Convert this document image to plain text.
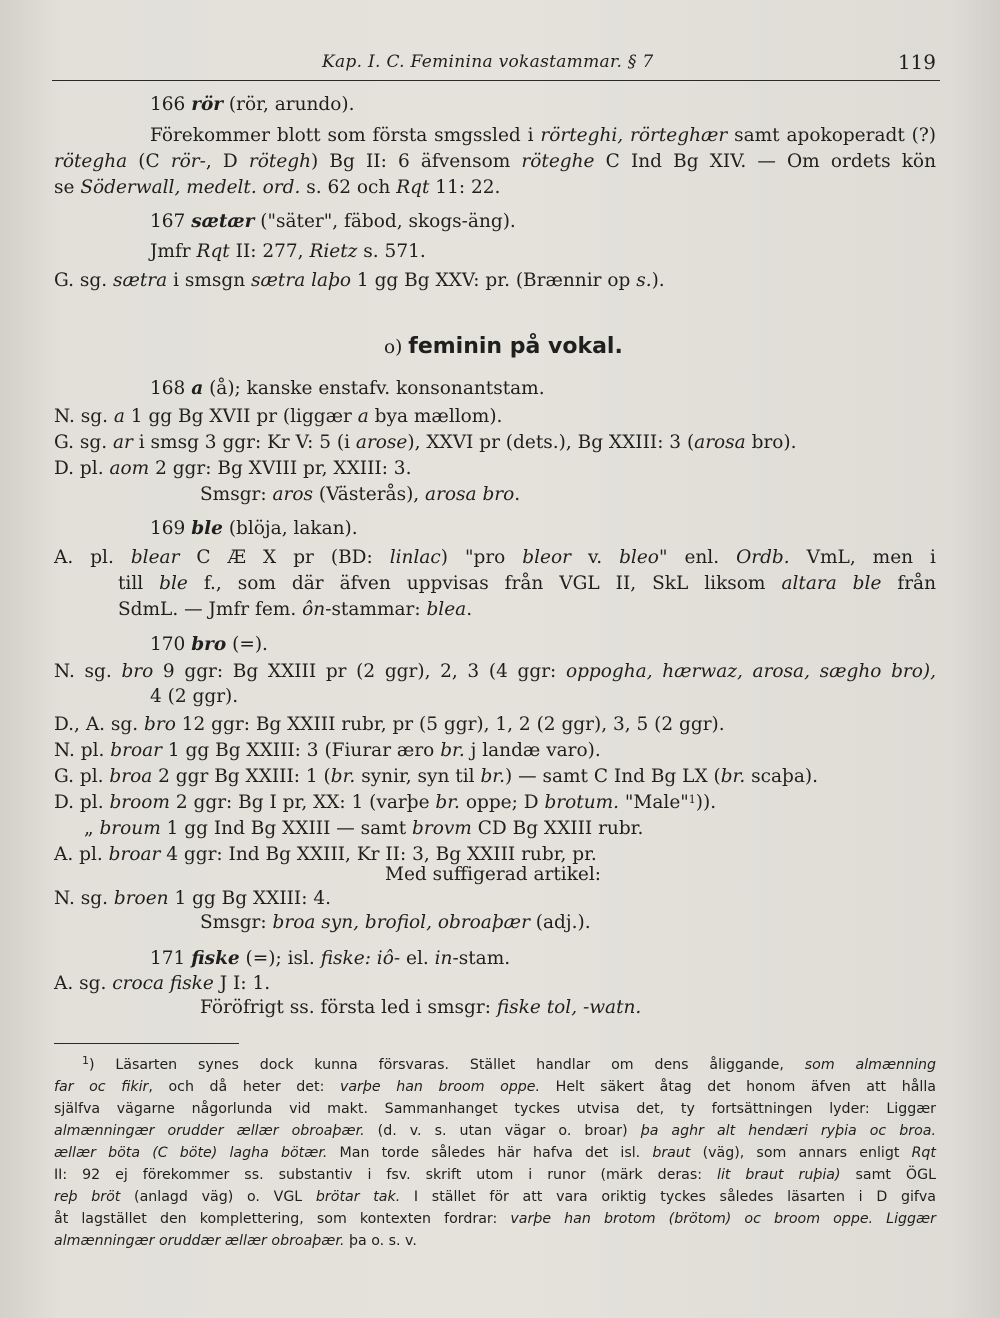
Kap. I. C. Feminina vokastammar. § 7	119
166 rör (rör, arundo).
Förekommer blott som första smgssled i rörteghi, rörteghær samt apokoperadt (?)
rötegha (C rör-, D rötegh) Bg II: 6 äfvensom röteghe C Ind Bg XIV. — Om ordets kön
se Söderwall, medelt. ord. s. 62 och Rqt 11: 22.
167 sætær ("säter", fäbod, skogs-äng).
Jmfr Rqt II: 277, Rietz s. 571.
G. sg. sætra i smsgn sætra laþo 1 gg Bg XXV: pr. (Brænnir op s.).
o) feminin på vokal.
168 a (å); kanske enstafv. konsonantstam.
N. sg. a 1 gg Bg XVII pr (liggær a bya mællom).
G. sg. ar i smsg 3 ggr: Kr V: 5 (i arose), XXVI pr (dets.), Bg XXIII: 3 (arosa bro).
D. pl. aom 2 ggr: Bg XVIII pr, XXIII: 3.
Smsgr: aros (Västerås), arosa bro.
169 ble (blöja, lakan).
A. pl. blear C Æ X pr (BD: linlac) "pro bleor v. bleo" enl. Ordb. VmL, men i
till ble f., som där äfven uppvisas från VGL II, SkL liksom altara ble från
SdmL. — Jmfr fem. ôn-stammar: blea.
170 bro (=).
N. sg. bro 9 ggr: Bg XXIII pr (2 ggr), 2, 3 (4 ggr: oppogha, hærwaz, arosa, sægho bro),
4 (2 ggr).
D., A. sg. bro 12 ggr: Bg XXIII rubr, pr (5 ggr), 1, 2 (2 ggr), 3, 5 (2 ggr).
N. pl. broar 1 gg Bg XXIII: 3 (Fiurar æro br. j landæ varo).
G. pl. broa 2 ggr Bg XXIII: 1 (br. synir, syn til br.) — samt C Ind Bg LX (br. scaþa).
D. pl. broom 2 ggr: Bg I pr, XX: 1 (varþe br. oppe; D brotum. "Male"$^1$)).
„ broum 1 gg Ind Bg XXIII — samt brovm CD Bg XXIII rubr.
A. pl. broar 4 ggr: Ind Bg XXIII, Kr II: 3, Bg XXIII rubr, pr.
Med suffigerad artikel:
N. sg. broen 1 gg Bg XXIII: 4.
Smsgr: broa syn, brofiol, obroaþær (adj.).
171 fiske (=); isl. fiske: iô- el. in-stam.
A. sg. croca fiske J I: 1.
Föröfrigt ss. första led i smsgr: fiske tol, -watn.
$^1$) Läsarten synes dock kunna försvaras. Stället handlar om dens åliggande, som almænning
far oc fikir, och då heter det: varþe han broom oppe. Helt säkert åtag det honom äfven att hålla
själfva vägarne någorlunda vid makt. Sammanhanget tyckes utvisa det, ty fortsättningen lyder: Liggær
almænningær orudder ællær obroaþær. (d. v. s. utan vägar o. broar) þa aghr alt hendæri ryþia oc broa.
ællær böta (C böte) lagha bötær. Man torde således här hafva det isl. braut (väg), som annars enligt Rqt
II: 92 ej förekommer ss. substantiv i fsv. skrift utom i runor (märk deras: lit braut ruþia) samt ÖGL
reþ bröt (anlagd väg) o. VGL brötar tak. I stället för att vara oriktig tyckes således läsarten i D gifva
åt lagstället den komplettering, som kontexten fordrar: varþe han brotom (brötom) oc broom oppe. Liggær
almænningær oruddær ællær obroaþær. þa o. s. v.
